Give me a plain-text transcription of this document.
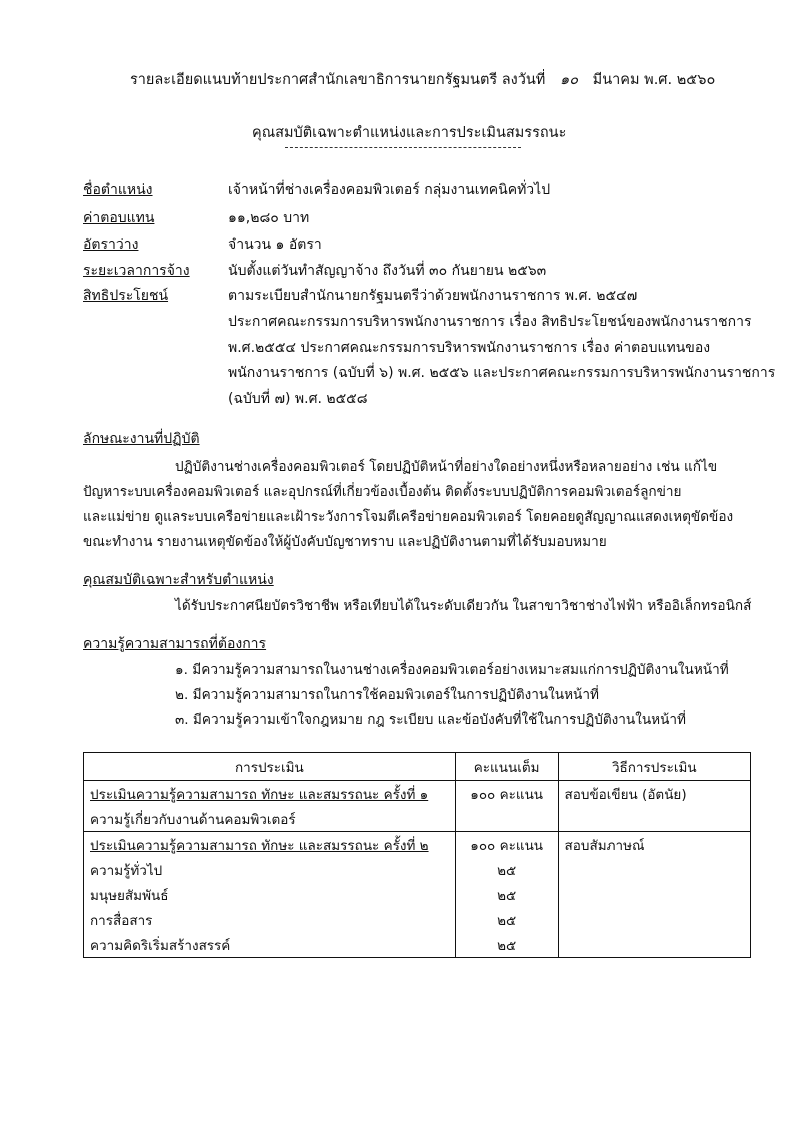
รายละเอียดแนบท้ายประกาศสำนักเลขาธิการนายกรัฐมนตรี ลงวันที่ ๑๐ มีนาคม พ.ศ. ๒๕๖๐
คุณสมบัติเฉพาะตำแหน่งและการประเมินสมรรถนะ
ชื่อตำแหน่ง	เจ้าหน้าที่ช่างเครื่องคอมพิวเตอร์ กลุ่มงานเทคนิคทั่วไป
ค่าตอบแทน	๑๑,๒๘๐ บาท
อัตราว่าง	จำนวน ๑ อัตรา
ระยะเวลาการจ้าง	นับตั้งแต่วันทำสัญญาจ้าง ถึงวันที่ ๓๐ กันยายน ๒๕๖๓
สิทธิประโยชน์	ตามระเบียบสำนักนายกรัฐมนตรีว่าด้วยพนักงานราชการ พ.ศ. ๒๕๔๗
ประกาศคณะกรรมการบริหารพนักงานราชการ เรื่อง สิทธิประโยชน์ของพนักงานราชการ
พ.ศ.๒๕๕๔ ประกาศคณะกรรมการบริหารพนักงานราชการ เรื่อง ค่าตอบแทนของ
พนักงานราชการ (ฉบับที่ ๖) พ.ศ. ๒๕๕๖ และประกาศคณะกรรมการบริหารพนักงานราชการ
(ฉบับที่ ๗) พ.ศ. ๒๕๕๘
ลักษณะงานที่ปฏิบัติ
ปฏิบัติงานช่างเครื่องคอมพิวเตอร์ โดยปฏิบัติหน้าที่อย่างใดอย่างหนึ่งหรือหลายอย่าง เช่น แก้ไข
ปัญหาระบบเครื่องคอมพิวเตอร์ และอุปกรณ์ที่เกี่ยวข้องเบื้องต้น ติดตั้งระบบปฏิบัติการคอมพิวเตอร์ลูกข่าย
และแม่ข่าย ดูแลระบบเครือข่ายและเฝ้าระวังการโจมตีเครือข่ายคอมพิวเตอร์ โดยคอยดูสัญญาณแสดงเหตุขัดข้อง
ขณะทำงาน รายงานเหตุขัดข้องให้ผู้บังคับบัญชาทราบ และปฏิบัติงานตามที่ได้รับมอบหมาย
คุณสมบัติเฉพาะสำหรับตำแหน่ง
ได้รับประกาศนียบัตรวิชาชีพ หรือเทียบได้ในระดับเดียวกัน ในสาขาวิชาช่างไฟฟ้า หรืออิเล็กทรอนิกส์
ความรู้ความสามารถที่ต้องการ
๑. มีความรู้ความสามารถในงานช่างเครื่องคอมพิวเตอร์อย่างเหมาะสมแก่การปฏิบัติงานในหน้าที่
๒. มีความรู้ความสามารถในการใช้คอมพิวเตอร์ในการปฏิบัติงานในหน้าที่
๓. มีความรู้ความเข้าใจกฎหมาย กฎ ระเบียบ และข้อบังคับที่ใช้ในการปฏิบัติงานในหน้าที่
การประเมิน	คะแนนเต็ม	วิธีการประเมิน
ประเมินความรู้ความสามารถ ทักษะ และสมรรถนะ ครั้งที่ ๑	๑๐๐ คะแนน	สอบข้อเขียน (อัตนัย)
ความรู้เกี่ยวกับงานด้านคอมพิวเตอร์		
ประเมินความรู้ความสามารถ ทักษะ และสมรรถนะ ครั้งที่ ๒	๑๐๐ คะแนน	สอบสัมภาษณ์
ความรู้ทั่วไป	๒๕	
มนุษยสัมพันธ์	๒๕	
การสื่อสาร	๒๕	
ความคิดริเริ่มสร้างสรรค์	๒๕	
